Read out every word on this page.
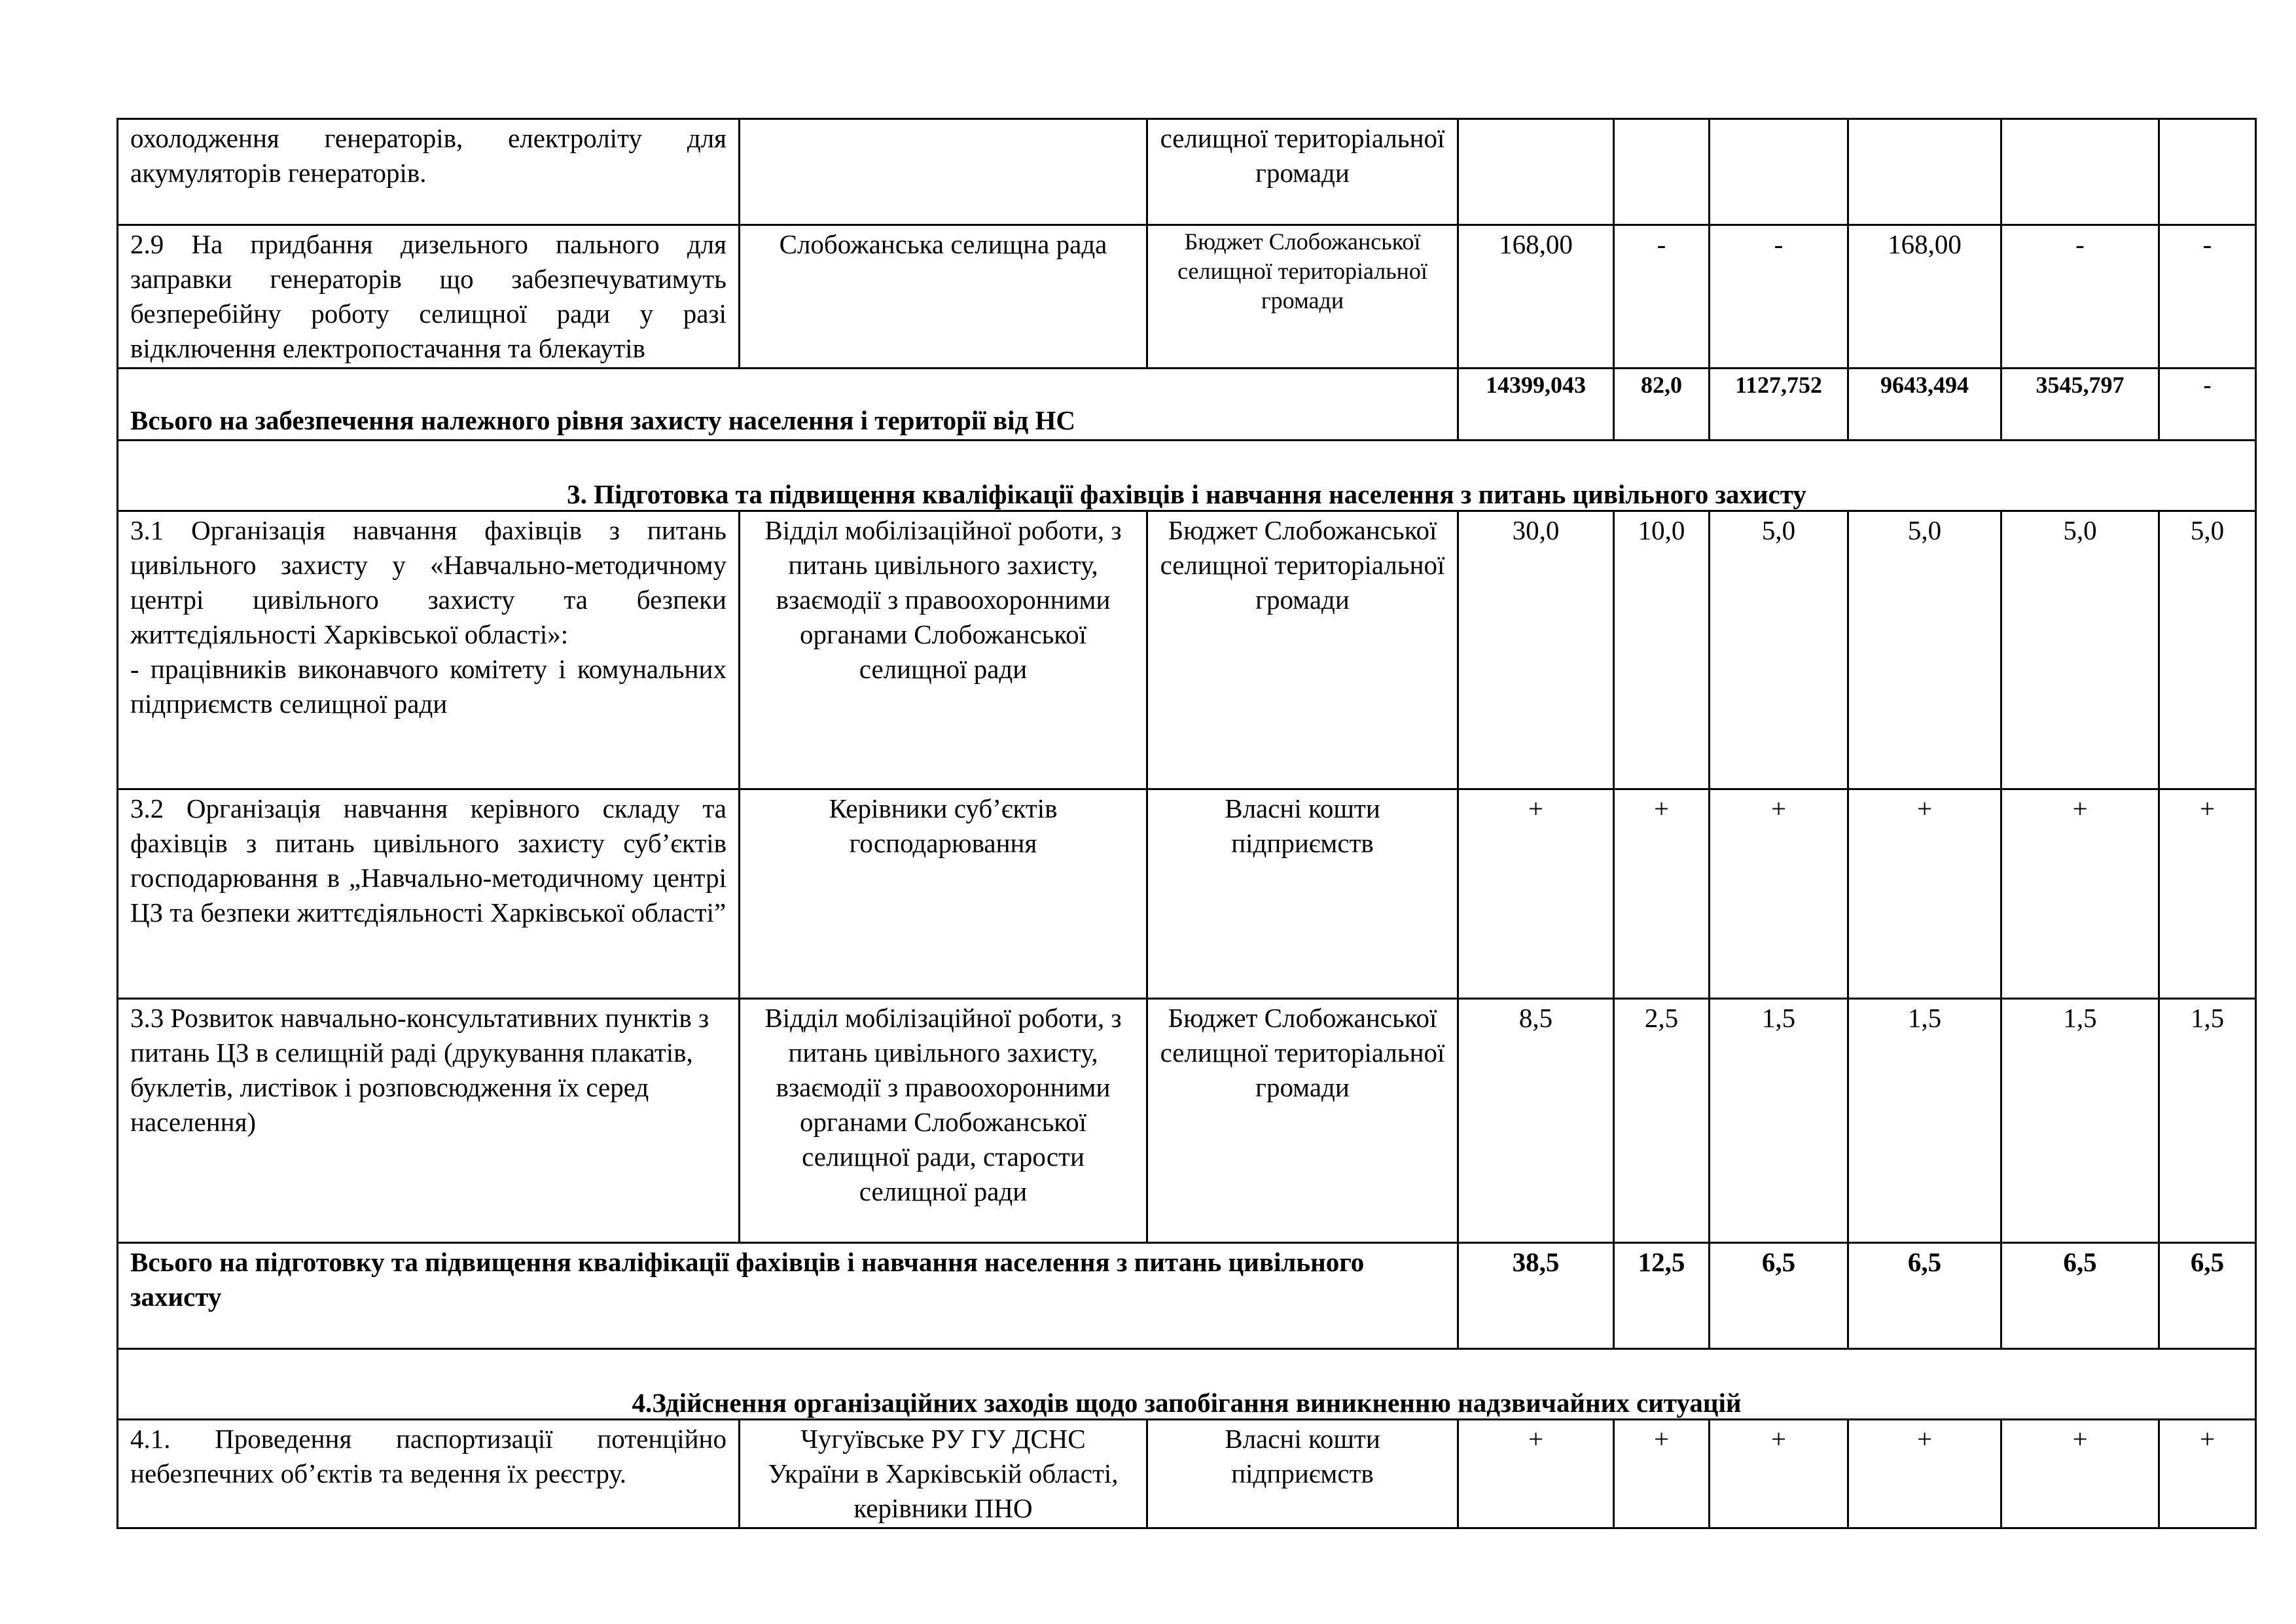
охолодження генераторів, електроліту для акумуляторів генераторів.		селищної територіальної громади						
2.9 На придбання дизельного пального для заправки генераторів що забезпечуватимуть безперебійну роботу селищної ради у разі відключення електропостачання та блекаутів	Слобожанська селищна рада	Бюджет Слобожанської селищної територіальної громади	168,00	-	-	168,00	-	-
Всього на забезпечення належного рівня захисту населення і території від НС			14399,043	82,0	1127,752	9643,494	3545,797	-
3. Підготовка та підвищення кваліфікації фахівців і навчання населення з питань цивільного захисту								
3.1 Організація навчання фахівців з питань цивільного захисту у «Навчально-методичному центрі цивільного захисту та безпеки життєдіяльності Харківської області»:
- працівників виконавчого комітету і комунальних підприємств селищної ради	Відділ мобілізаційної роботи, з питань цивільного захисту, взаємодії з правоохоронними органами Слобожанської селищної ради	Бюджет Слобожанської селищної територіальної громади	30,0	10,0	5,0	5,0	5,0	5,0
3.2 Організація навчання керівного складу та фахівців з питань цивільного захисту суб’єктів господарювання в „Навчально-методичному центрі ЦЗ та безпеки життєдіяльності Харківської області”	Керівники суб’єктів господарювання	Власні кошти підприємств	+	+	+	+	+	+
3.3 Розвиток навчально-консультативних пунктів з питань ЦЗ в селищній раді (друкування плакатів, буклетів, листівок і розповсюдження їх серед населення)	Відділ мобілізаційної роботи, з питань цивільного захисту, взаємодії з правоохоронними органами Слобожанської селищної ради, старости селищної ради	Бюджет Слобожанської селищної територіальної громади	8,5	2,5	1,5	1,5	1,5	1,5
Всього на підготовку та підвищення кваліфікації фахівців і навчання населення з питань цивільного захисту			38,5	12,5	6,5	6,5	6,5	6,5
4.Здійснення організаційних заходів щодо запобігання виникненню надзвичайних ситуацій								
4.1. Проведення паспортизації потенційно небезпечних об’єктів та ведення їх реєстру.	Чугуївське РУ ГУ ДСНС України в Харківській області, керівники ПНО	Власні кошти підприємств	+	+	+	+	+	+
